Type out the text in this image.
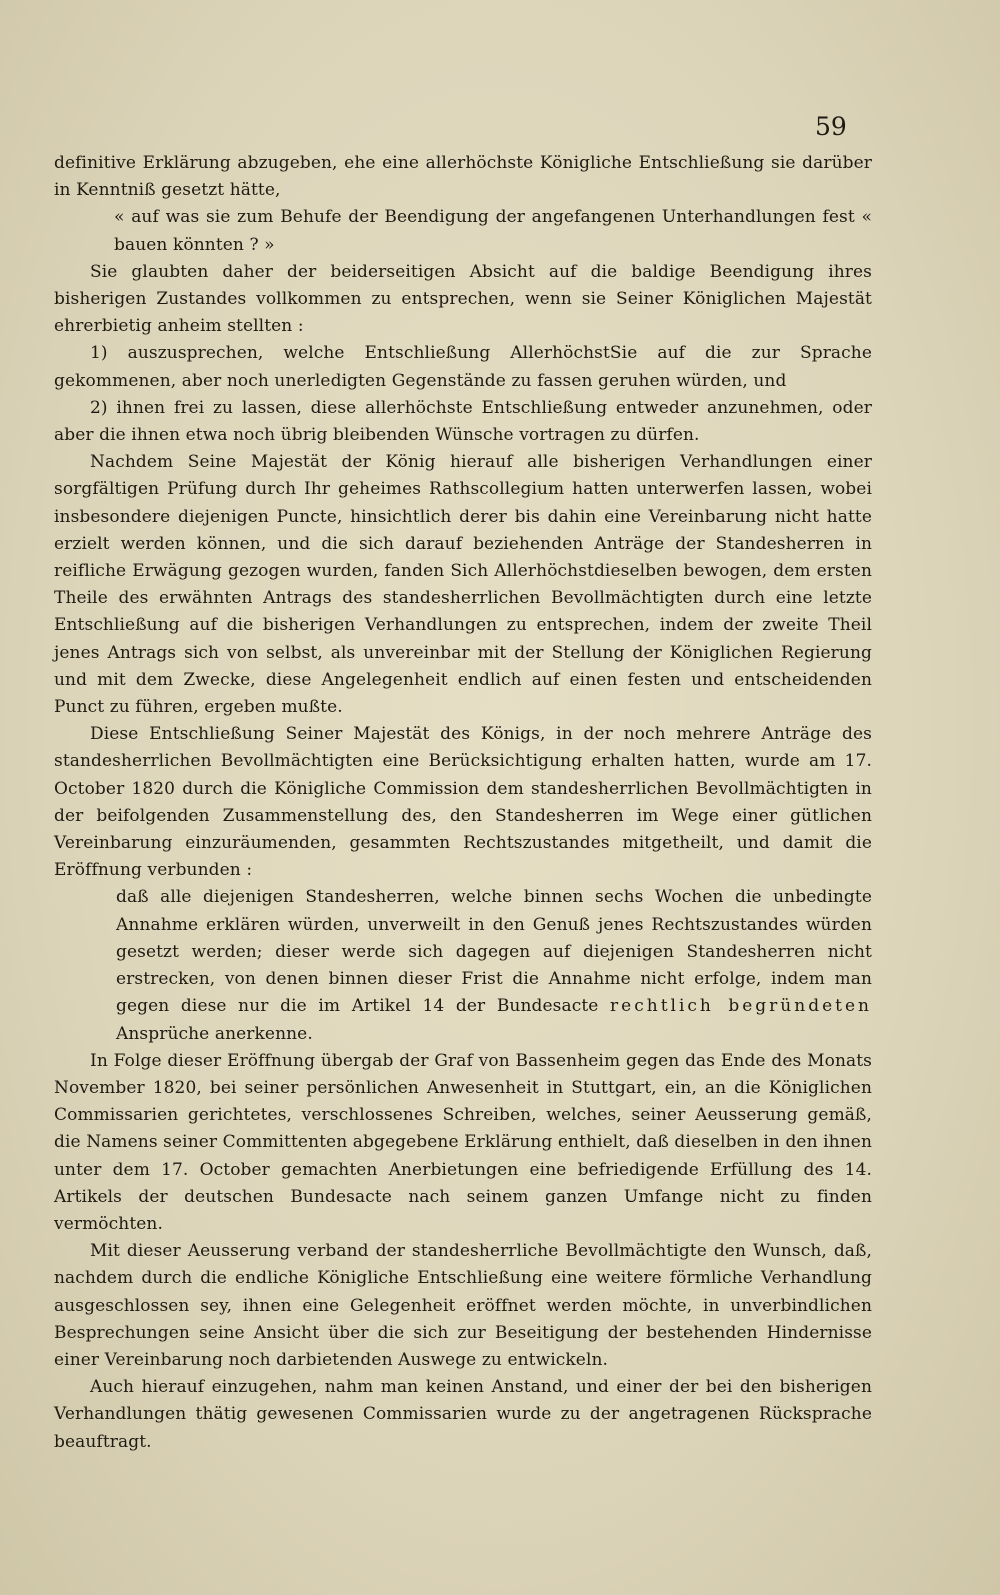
59

definitive Erklärung abzugeben, ehe eine allerhöchste Königliche Entschließung sie darüber in Kenntniß gesetzt hätte,

« auf was sie zum Behufe der Beendigung der angefangenen Unterhandlungen fest « bauen könnten ? »

Sie glaubten daher der beiderseitigen Absicht auf die baldige Beendigung ihres bisherigen Zustandes vollkommen zu entsprechen, wenn sie Seiner Königlichen Majestät ehrerbietig anheim stellten :

1) auszusprechen, welche Entschließung AllerhöchstSie auf die zur Sprache gekommenen, aber noch unerledigten Gegenstände zu fassen geruhen würden, und

2) ihnen frei zu lassen, diese allerhöchste Entschließung entweder anzunehmen, oder aber die ihnen etwa noch übrig bleibenden Wünsche vortragen zu dürfen.

Nachdem Seine Majestät der König hierauf alle bisherigen Verhandlungen einer sorgfältigen Prüfung durch Ihr geheimes Rathscollegium hatten unterwerfen lassen, wobei insbesondere diejenigen Puncte, hinsichtlich derer bis dahin eine Vereinbarung nicht hatte erzielt werden können, und die sich darauf beziehenden Anträge der Standesherren in reifliche Erwägung gezogen wurden, fanden Sich Allerhöchstdieselben bewogen, dem ersten Theile des erwähnten Antrags des standesherrlichen Bevollmächtigten durch eine letzte Entschließung auf die bisherigen Verhandlungen zu entsprechen, indem der zweite Theil jenes Antrags sich von selbst, als unvereinbar mit der Stellung der Königlichen Regierung und mit dem Zwecke, diese Angelegenheit endlich auf einen festen und entscheidenden Punct zu führen, ergeben mußte.

Diese Entschließung Seiner Majestät des Königs, in der noch mehrere Anträge des standesherrlichen Bevollmächtigten eine Berücksichtigung erhalten hatten, wurde am 17. October 1820 durch die Königliche Commission dem standesherrlichen Bevollmächtigten in der beifolgenden Zusammenstellung des, den Standesherren im Wege einer gütlichen Vereinbarung einzuräumenden, gesammten Rechtszustandes mitgetheilt, und damit die Eröffnung verbunden :

daß alle diejenigen Standesherren, welche binnen sechs Wochen die unbedingte Annahme erklären würden, unverweilt in den Genuß jenes Rechtszustandes würden gesetzt werden; dieser werde sich dagegen auf diejenigen Standesherren nicht erstrecken, von denen binnen dieser Frist die Annahme nicht erfolge, indem man gegen diese nur die im Artikel 14 der Bundesacte rechtlich begründeten Ansprüche anerkenne.

In Folge dieser Eröffnung übergab der Graf von Bassenheim gegen das Ende des Monats November 1820, bei seiner persönlichen Anwesenheit in Stuttgart, ein, an die Königlichen Commissarien gerichtetes, verschlossenes Schreiben, welches, seiner Aeusserung gemäß, die Namens seiner Committenten abgegebene Erklärung enthielt, daß dieselben in den ihnen unter dem 17. October gemachten Anerbietungen eine befriedigende Erfüllung des 14. Artikels der deutschen Bundesacte nach seinem ganzen Umfange nicht zu finden vermöchten.

Mit dieser Aeusserung verband der standesherrliche Bevollmächtigte den Wunsch, daß, nachdem durch die endliche Königliche Entschließung eine weitere förmliche Verhandlung ausgeschlossen sey, ihnen eine Gelegenheit eröffnet werden möchte, in unverbindlichen Besprechungen seine Ansicht über die sich zur Beseitigung der bestehenden Hindernisse einer Vereinbarung noch darbietenden Auswege zu entwickeln.

Auch hierauf einzugehen, nahm man keinen Anstand, und einer der bei den bisherigen Verhandlungen thätig gewesenen Commissarien wurde zu der angetragenen Rücksprache beauftragt.
